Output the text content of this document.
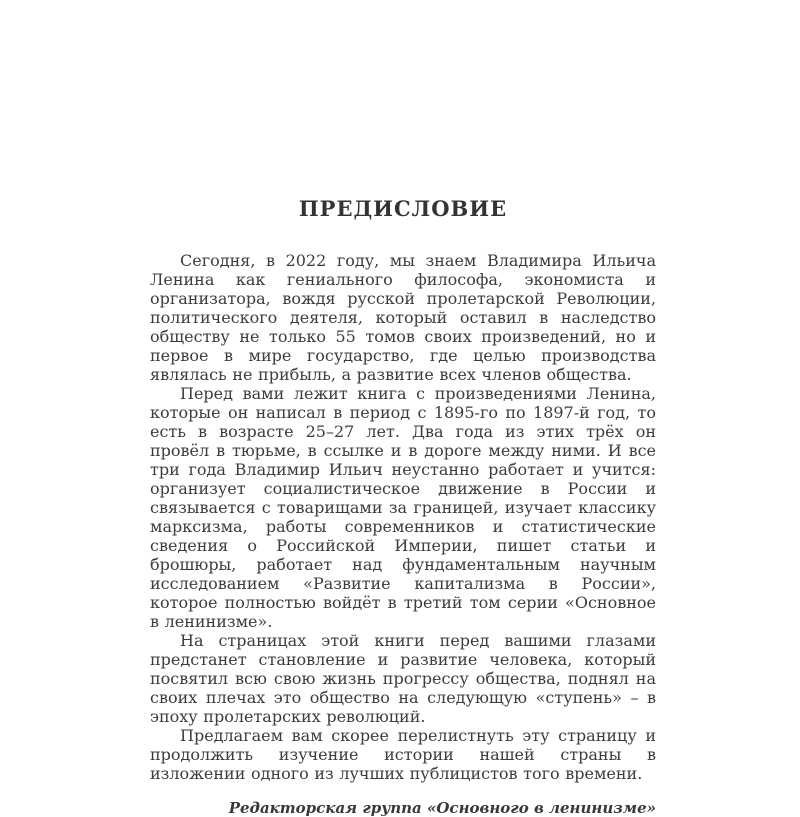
ПРЕДИСЛОВИЕ

Сегодня, в 2022 году, мы знаем Владимира Ильича Ленина как гениального философа, экономиста и организатора, вождя русской пролетарской Революции, политического деятеля, который оставил в наследство обществу не только 55 томов своих произведений, но и первое в мире государство, где целью производства являлась не прибыль, а развитие всех членов общества.

Перед вами лежит книга с произведениями Ленина, которые он написал в период с 1895-го по 1897-й год, то есть в возрасте 25–27 лет. Два года из этих трёх он провёл в тюрьме, в ссылке и в дороге между ними. И все три года Владимир Ильич неустанно работает и учится: организует социалистическое движение в России и связывается с товарищами за границей, изучает классику марксизма, работы современников и статистические сведения о Российской Империи, пишет статьи и брошюры, работает над фундаментальным научным исследованием «Развитие капитализма в России», которое полностью войдёт в третий том серии «Основное в ленинизме».

На страницах этой книги перед вашими глазами предстанет становление и развитие человека, который посвятил всю свою жизнь прогрессу общества, поднял на своих плечах это общество на следующую «ступень» – в эпоху пролетарских революций.

Предлагаем вам скорее перелистнуть эту страницу и продолжить изучение истории нашей страны в изложении одного из лучших публицистов того времени.

Редакторская группа «Основного в ленинизме»
